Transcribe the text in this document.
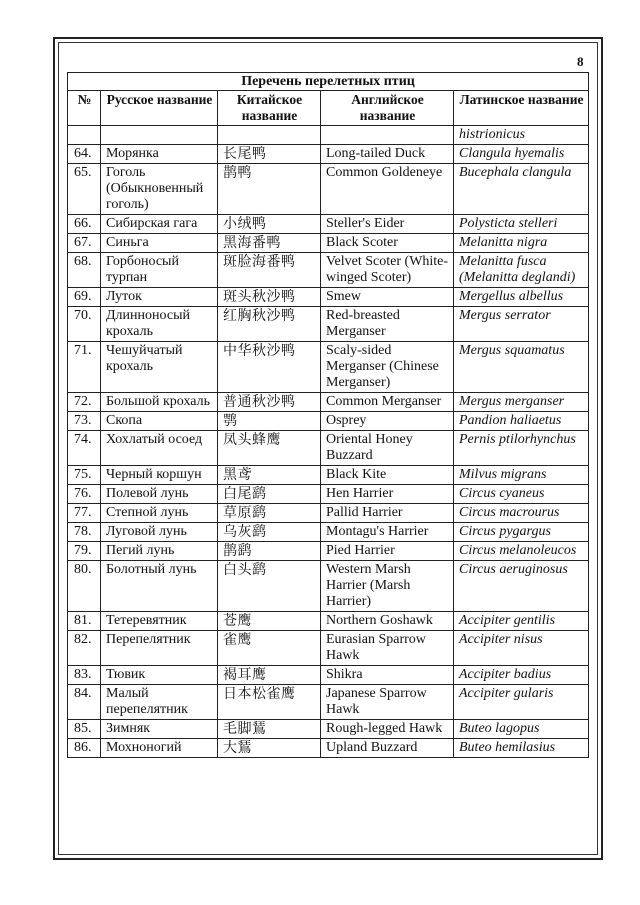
8
Перечень перелетных птиц				
№	Русское название	Китайское название	Английское название	Латинское название
				histrionicus
64.	Морянка	长尾鸭	Long-tailed Duck	Clangula hyemalis
65.	Гоголь (Обыкновенный гоголь)	鹊鸭	Common Goldeneye	Bucephala clangula
66.	Сибирская гага	小绒鸭	Steller's Eider	Polysticta stelleri
67.	Синьга	黑海番鸭	Black Scoter	Melanitta nigra
68.	Горбоносый турпан	斑脸海番鸭	Velvet Scoter (White-winged Scoter)	Melanitta fusca (Melanitta deglandi)
69.	Луток	斑头秋沙鸭	Smew	Mergellus albellus
70.	Длинноносый крохаль	红胸秋沙鸭	Red-breasted Merganser	Mergus serrator
71.	Чешуйчатый крохаль	中华秋沙鸭	Scaly-sided Merganser (Chinese Merganser)	Mergus squamatus
72.	Большой крохаль	普通秋沙鸭	Common Merganser	Mergus merganser
73.	Скопа	鹗	Osprey	Pandion haliaetus
74.	Хохлатый осоед	凤头蜂鹰	Oriental Honey Buzzard	Pernis ptilorhynchus
75.	Черный коршун	黑鸢	Black Kite	Milvus migrans
76.	Полевой лунь	白尾鹞	Hen Harrier	Circus cyaneus
77.	Степной лунь	草原鹞	Pallid Harrier	Circus macrourus
78.	Луговой лунь	乌灰鹞	Montagu's Harrier	Circus pygargus
79.	Пегий лунь	鹊鹞	Pied Harrier	Circus melanoleucos
80.	Болотный лунь	白头鹞	Western Marsh Harrier (Marsh Harrier)	Circus aeruginosus
81.	Тетеревятник	苍鹰	Northern Goshawk	Accipiter gentilis
82.	Перепелятник	雀鹰	Eurasian Sparrow Hawk	Accipiter nisus
83.	Тювик	褐耳鹰	Shikra	Accipiter badius
84.	Малый перепелятник	日本松雀鹰	Japanese Sparrow Hawk	Accipiter gularis
85.	Зимняк	毛脚鵟	Rough-legged Hawk	Buteo lagopus
86.	Мохноногий	大鵟	Upland Buzzard	Buteo hemilasius
